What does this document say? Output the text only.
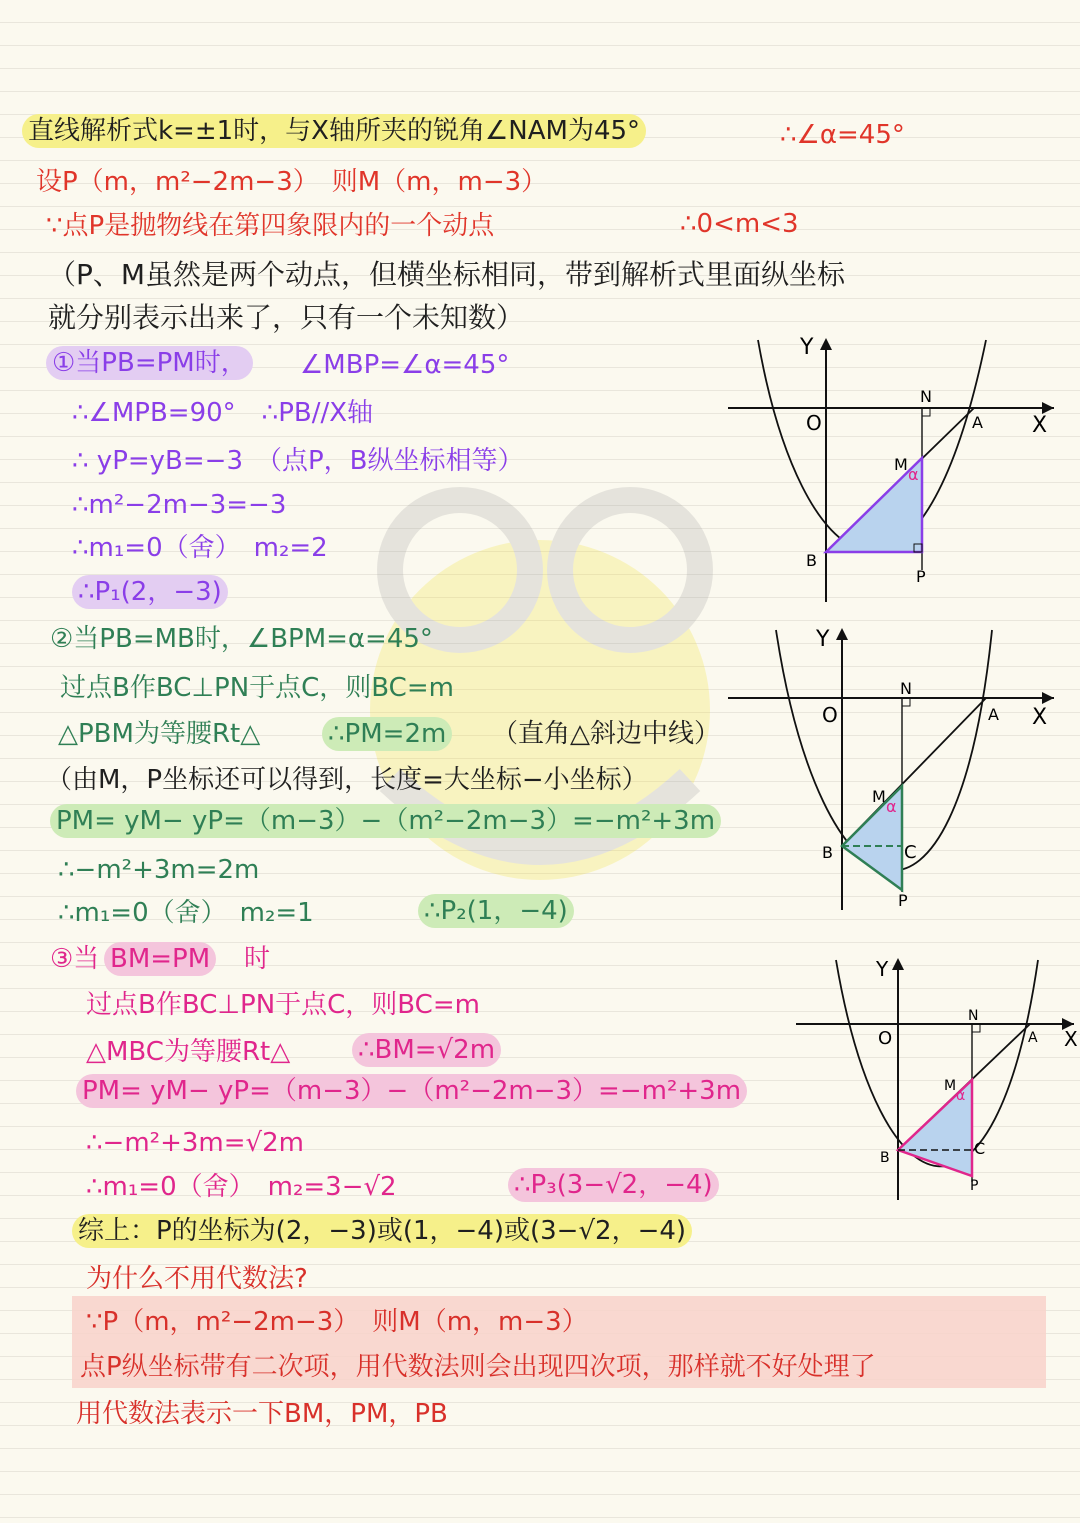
直线解析式k=±1时，与X轴所夹的锐角∠NAM为45°	∴∠α=45°
设P（m，m²−2m−3）　则M（m，m−3）
∵点P是抛物线在第四象限内的一个动点	∴0<m<3
（P、M虽然是两个动点，但横坐标相同，带到解析式里面纵坐标
就分别表示出来了，只有一个未知数）
①当PB=PM时， ∠MBP=∠α=45°
∴∠MPB=90°　∴PB//X轴
∴ yP=yB=−3　（点P，B纵坐标相等）
∴m²−2m−3=−3
∴m₁=0（舍）　m₂=2
∴P₁(2，−3)
②当PB=MB时，∠BPM=α=45°
过点B作BC⊥PN于点C，则BC=m
△PBM为等腰Rt△	∴PM=2m （直角△斜边中线）
（由M，P坐标还可以得到，长度=大坐标−小坐标）
PM= yM− yP=（m−3）−（m²−2m−3）=−m²+3m
∴−m²+3m=2m
∴m₁=0（舍）　m₂=1	∴P₂(1，−4)
③当 BM=PM 时
过点B作BC⊥PN于点C，则BC=m
△MBC为等腰Rt△	∴BM=√2m
PM= yM− yP=（m−3）−（m²−2m−3）=−m²+3m
∴−m²+3m=√2m
∴m₁=0（舍）　m₂=3−√2	∴P₃(3−√2，−4)
综上：P的坐标为(2，−3)或(1，−4)或(3−√2，−4)
为什么不用代数法?
∵P（m，m²−2m−3）　则M（m，m−3）
点P纵坐标带有二次项，用代数法则会出现四次项，那样就不好处理了
用代数法表示一下BM，PM，PB
Y
X
O
N
A
M
α
B
P
Y
X
O
N
A
M
α
B	C
P
Y
X
O
N
A
M
α
B	C
P
